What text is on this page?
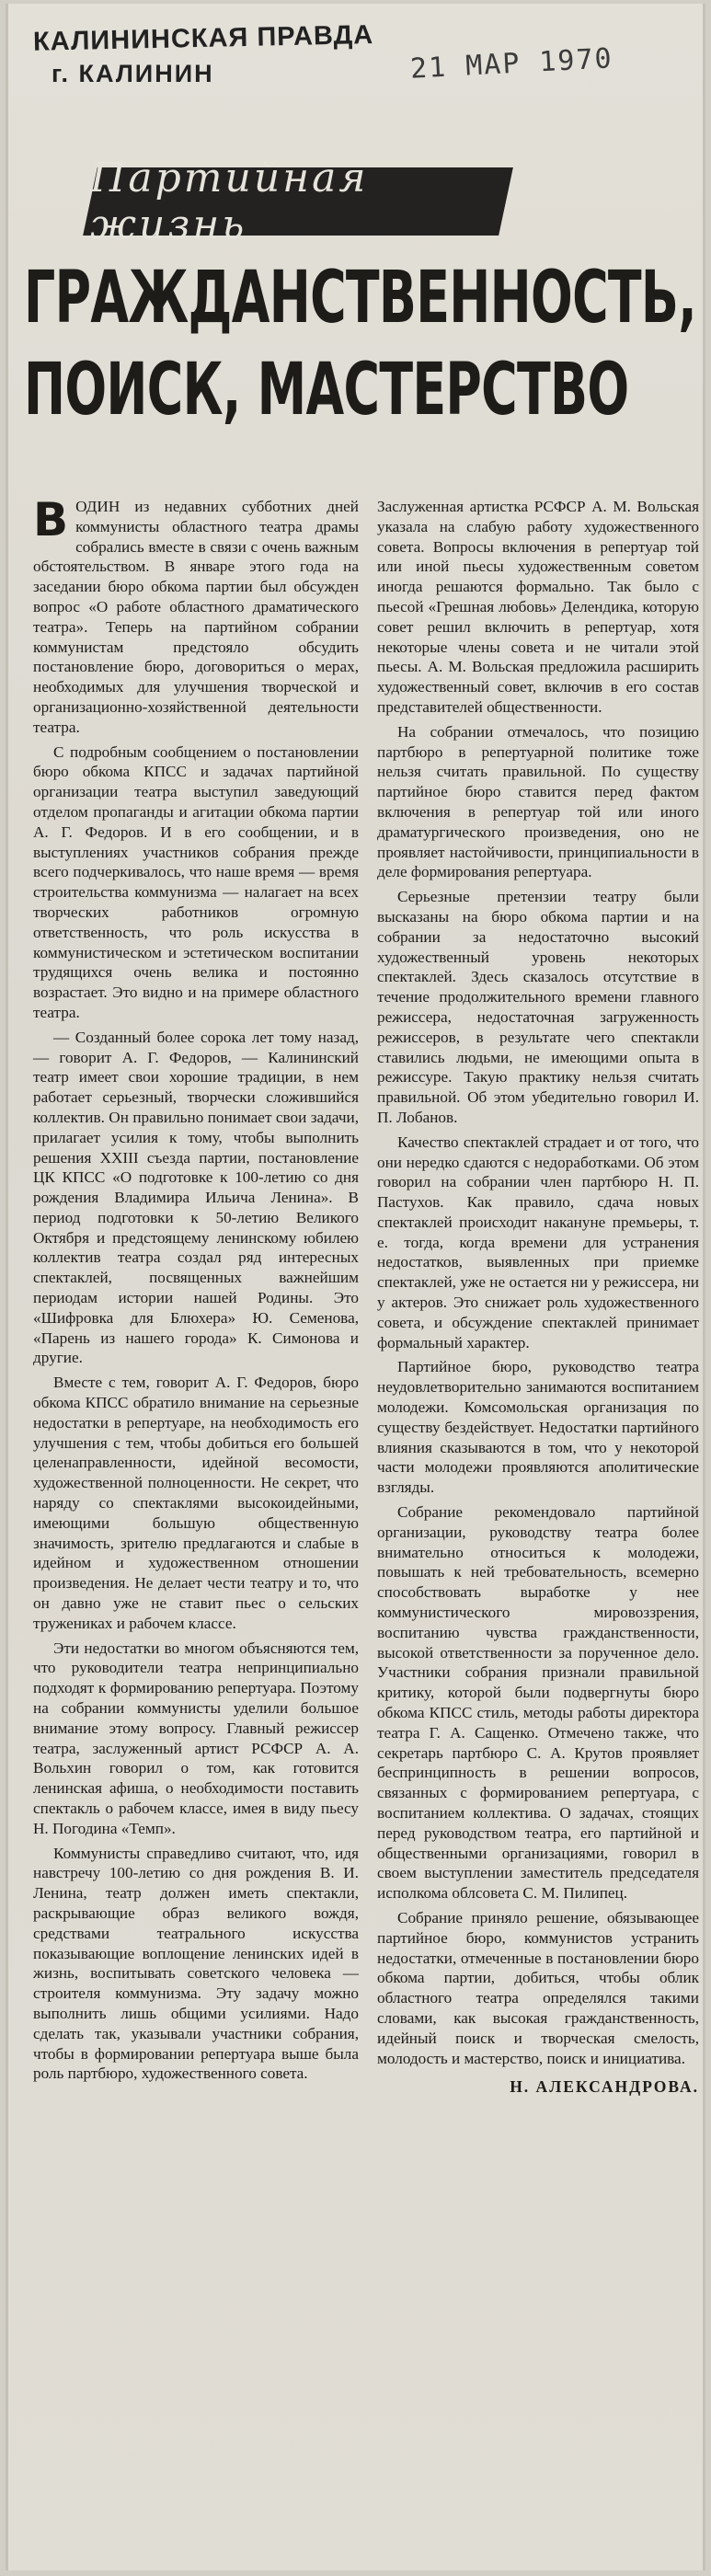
КАЛИНИНСКАЯ ПРАВДА
г. КАЛИНИН	21 МАР 1970
Партийная жизнь
ГРАЖДАНСТВЕННОСТЬ,
ПОИСК, МАСТЕРСТВО

В ОДИН из недавних субботних дней коммунисты областного театра драмы собрались вместе в связи с очень важным обстоятельством. В январе этого года на заседании бюро обкома партии был обсужден вопрос «О работе областного драматического театра». Теперь на партийном собрании коммунистам предстояло обсудить постановление бюро, договориться о мерах, необходимых для улучшения творческой и организационно-хозяйственной деятельности театра.

С подробным сообщением о постановлении бюро обкома КПСС и задачах партийной организации театра выступил заведующий отделом пропаганды и агитации обкома партии А. Г. Федоров. И в его сообщении, и в выступлениях участников собрания прежде всего подчеркивалось, что наше время — время строительства коммунизма — налагает на всех творческих работников огромную ответственность, что роль искусства в коммунистическом и эстетическом воспитании трудящихся очень велика и постоянно возрастает. Это видно и на примере областного театра.

— Созданный более сорока лет тому назад, — говорит А. Г. Федоров, — Калининский театр имеет свои хорошие традиции, в нем работает серьезный, творчески сложившийся коллектив. Он правильно понимает свои задачи, прилагает усилия к тому, чтобы выполнить решения XXIII съезда партии, постановление ЦК КПСС «О подготовке к 100-летию со дня рождения Владимира Ильича Ленина». В период подготовки к 50-летию Великого Октября и предстоящему ленинскому юбилею коллектив театра создал ряд интересных спектаклей, посвященных важнейшим периодам истории нашей Родины. Это «Шифровка для Блюхера» Ю. Семенова, «Парень из нашего города» К. Симонова и другие.

Вместе с тем, говорит А. Г. Федоров, бюро обкома КПСС обратило внимание на серьезные недостатки в репертуаре, на необходимость его улучшения с тем, чтобы добиться его большей целенаправленности, идейной весомости, художественной полноценности. Не секрет, что наряду со спектаклями высокоидейными, имеющими большую общественную значимость, зрителю предлагаются и слабые в идейном и художественном отношении произведения. Не делает чести театру и то, что он давно уже не ставит пьес о сельских тружениках и рабочем классе.

Эти недостатки во многом объясняются тем, что руководители театра непринципиально подходят к формированию репертуара. Поэтому на собрании коммунисты уделили большое внимание этому вопросу. Главный режиссер театра, заслуженный артист РСФСР А. А. Вольхин говорил о том, как готовится ленинская афиша, о необходимости поставить спектакль о рабочем классе, имея в виду пьесу Н. Погодина «Темп».

Коммунисты справедливо считают, что, идя навстречу 100-летию со дня рождения В. И. Ленина, театр должен иметь спектакли, раскрывающие образ великого вождя, средствами театрального искусства показывающие воплощение ленинских идей в жизнь, воспитывать советского человека — строителя коммунизма. Эту задачу можно выполнить лишь общими усилиями. Надо сделать так, указывали участники собрания, чтобы в формировании репертуара выше была роль партбюро, художественного совета.

Заслуженная артистка РСФСР А. М. Вольская указала на слабую работу художественного совета. Вопросы включения в репертуар той или иной пьесы художественным советом иногда решаются формально. Так было с пьесой «Грешная любовь» Делендика, которую совет решил включить в репертуар, хотя некоторые члены совета и не читали этой пьесы. А. М. Вольская предложила расширить художественный совет, включив в его состав представителей общественности.

На собрании отмечалось, что позицию партбюро в репертуарной политике тоже нельзя считать правильной. По существу партийное бюро ставится перед фактом включения в репертуар той или иного драматургического произведения, оно не проявляет настойчивости, принципиальности в деле формирования репертуара.

Серьезные претензии театру были высказаны на бюро обкома партии и на собрании за недостаточно высокий художественный уровень некоторых спектаклей. Здесь сказалось отсутствие в течение продолжительного времени главного режиссера, недостаточная загруженность режиссеров, в результате чего спектакли ставились людьми, не имеющими опыта в режиссуре. Такую практику нельзя считать правильной. Об этом убедительно говорил И. П. Лобанов.

Качество спектаклей страдает и от того, что они нередко сдаются с недоработками. Об этом говорил на собрании член партбюро Н. П. Пастухов. Как правило, сдача новых спектаклей происходит накануне премьеры, т. е. тогда, когда времени для устранения недостатков, выявленных при приемке спектаклей, уже не остается ни у режиссера, ни у актеров. Это снижает роль художественного совета, и обсуждение спектаклей принимает формальный характер.

Партийное бюро, руководство театра неудовлетворительно занимаются воспитанием молодежи. Комсомольская организация по существу бездействует. Недостатки партийного влияния сказываются в том, что у некоторой части молодежи проявляются аполитические взгляды.

Собрание рекомендовало партийной организации, руководству театра более внимательно относиться к молодежи, повышать к ней требовательность, всемерно способствовать выработке у нее коммунистического мировоззрения, воспитанию чувства гражданственности, высокой ответственности за порученное дело. Участники собрания признали правильной критику, которой были подвергнуты бюро обкома КПСС стиль, методы работы директора театра Г. А. Сащенко. Отмечено также, что секретарь партбюро С. А. Крутов проявляет беспринципность в решении вопросов, связанных с формированием репертуара, с воспитанием коллектива. О задачах, стоящих перед руководством театра, его партийной и общественными организациями, говорил в своем выступлении заместитель председателя исполкома облсовета С. М. Пилипец.

Собрание приняло решение, обязывающее партийное бюро, коммунистов устранить недостатки, отмеченные в постановлении бюро обкома партии, добиться, чтобы облик областного театра определялся такими словами, как высокая гражданственность, идейный поиск и творческая смелость, молодость и мастерство, поиск и инициатива.

Н. АЛЕКСАНДРОВА.
